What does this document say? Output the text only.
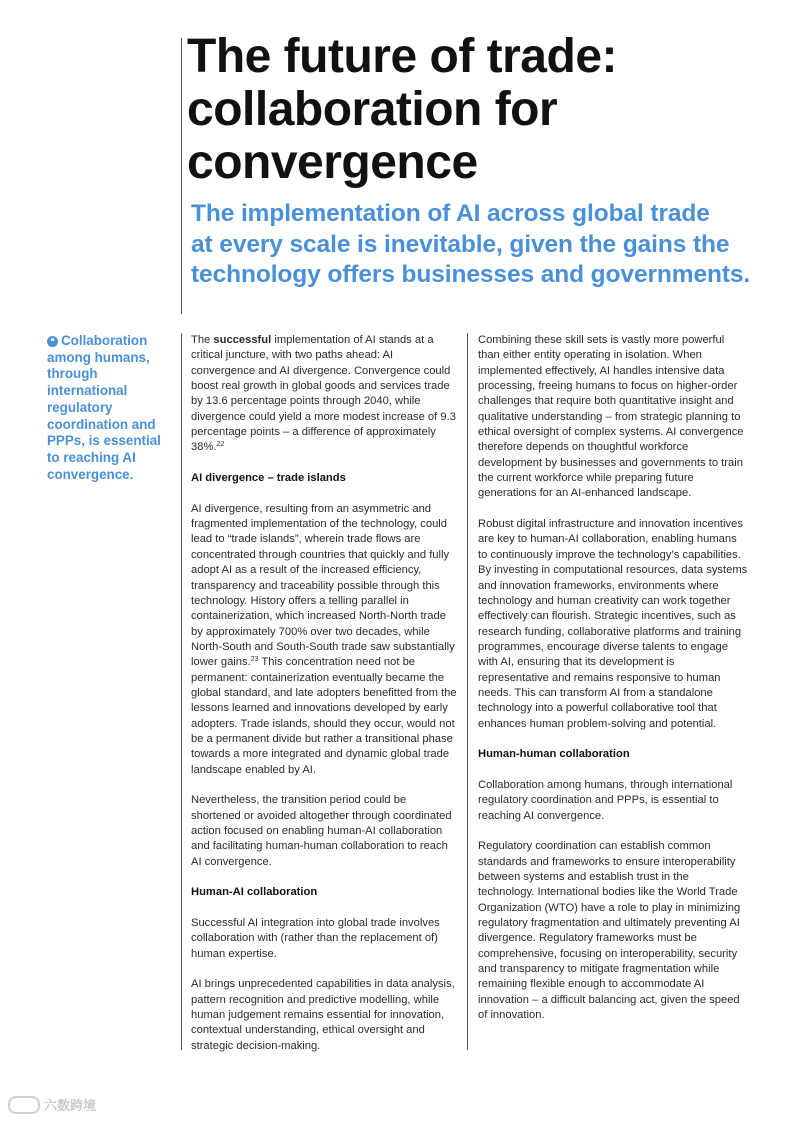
The future of trade:
collaboration for
convergence
The implementation of AI across global trade
at every scale is inevitable, given the gains the
technology offers businesses and governments.
❝ Collaboration among humans, through international regulatory coordination and PPPs, is essential to reaching AI convergence.

The successful implementation of AI stands at a critical juncture, with two paths ahead: AI convergence and AI divergence. Convergence could boost real growth in global goods and services trade by 13.6 percentage points through 2040, while divergence could yield a more modest increase of 9.3 percentage points – a difference of approximately 38%.$^{22}$

AI divergence – trade islands

AI divergence, resulting from an asymmetric and fragmented implementation of the technology, could lead to “trade islands”, wherein trade flows are concentrated through countries that quickly and fully adopt AI as a result of the increased efficiency, transparency and traceability possible through this technology. History offers a telling parallel in containerization, which increased North-North trade by approximately 700% over two decades, while North-South and South-South trade saw substantially lower gains.$^{23}$ This concentration need not be permanent: containerization eventually became the global standard, and late adopters benefitted from the lessons learned and innovations developed by early adopters. Trade islands, should they occur, would not be a permanent divide but rather a transitional phase towards a more integrated and dynamic global trade landscape enabled by AI.

Nevertheless, the transition period could be shortened or avoided altogether through coordinated action focused on enabling human-AI collaboration and facilitating human-human collaboration to reach AI convergence.

Human-AI collaboration

Successful AI integration into global trade involves collaboration with (rather than the replacement of) human expertise.

AI brings unprecedented capabilities in data analysis, pattern recognition and predictive modelling, while human judgement remains essential for innovation, contextual understanding, ethical oversight and strategic decision-making.

Combining these skill sets is vastly more powerful than either entity operating in isolation. When implemented effectively, AI handles intensive data processing, freeing humans to focus on higher-order challenges that require both quantitative insight and qualitative understanding – from strategic planning to ethical oversight of complex systems. AI convergence therefore depends on thoughtful workforce development by businesses and governments to train the current workforce while preparing future generations for an AI-enhanced landscape.

Robust digital infrastructure and innovation incentives are key to human-AI collaboration, enabling humans to continuously improve the technology’s capabilities. By investing in computational resources, data systems and innovation frameworks, environments where technology and human creativity can work together effectively can flourish. Strategic incentives, such as research funding, collaborative platforms and training programmes, encourage diverse talents to engage with AI, ensuring that its development is representative and remains responsive to human needs. This can transform AI from a standalone technology into a powerful collaborative tool that enhances human problem-solving and potential.

Human-human collaboration

Collaboration among humans, through international regulatory coordination and PPPs, is essential to reaching AI convergence.

Regulatory coordination can establish common standards and frameworks to ensure interoperability between systems and establish trust in the technology. International bodies like the World Trade Organization (WTO) have a role to play in minimizing regulatory fragmentation and ultimately preventing AI divergence. Regulatory frameworks must be comprehensive, focusing on interoperability, security and transparency to mitigate fragmentation while remaining flexible enough to accommodate AI innovation – a difficult balancing act, given the speed of innovation.

六数跨境
